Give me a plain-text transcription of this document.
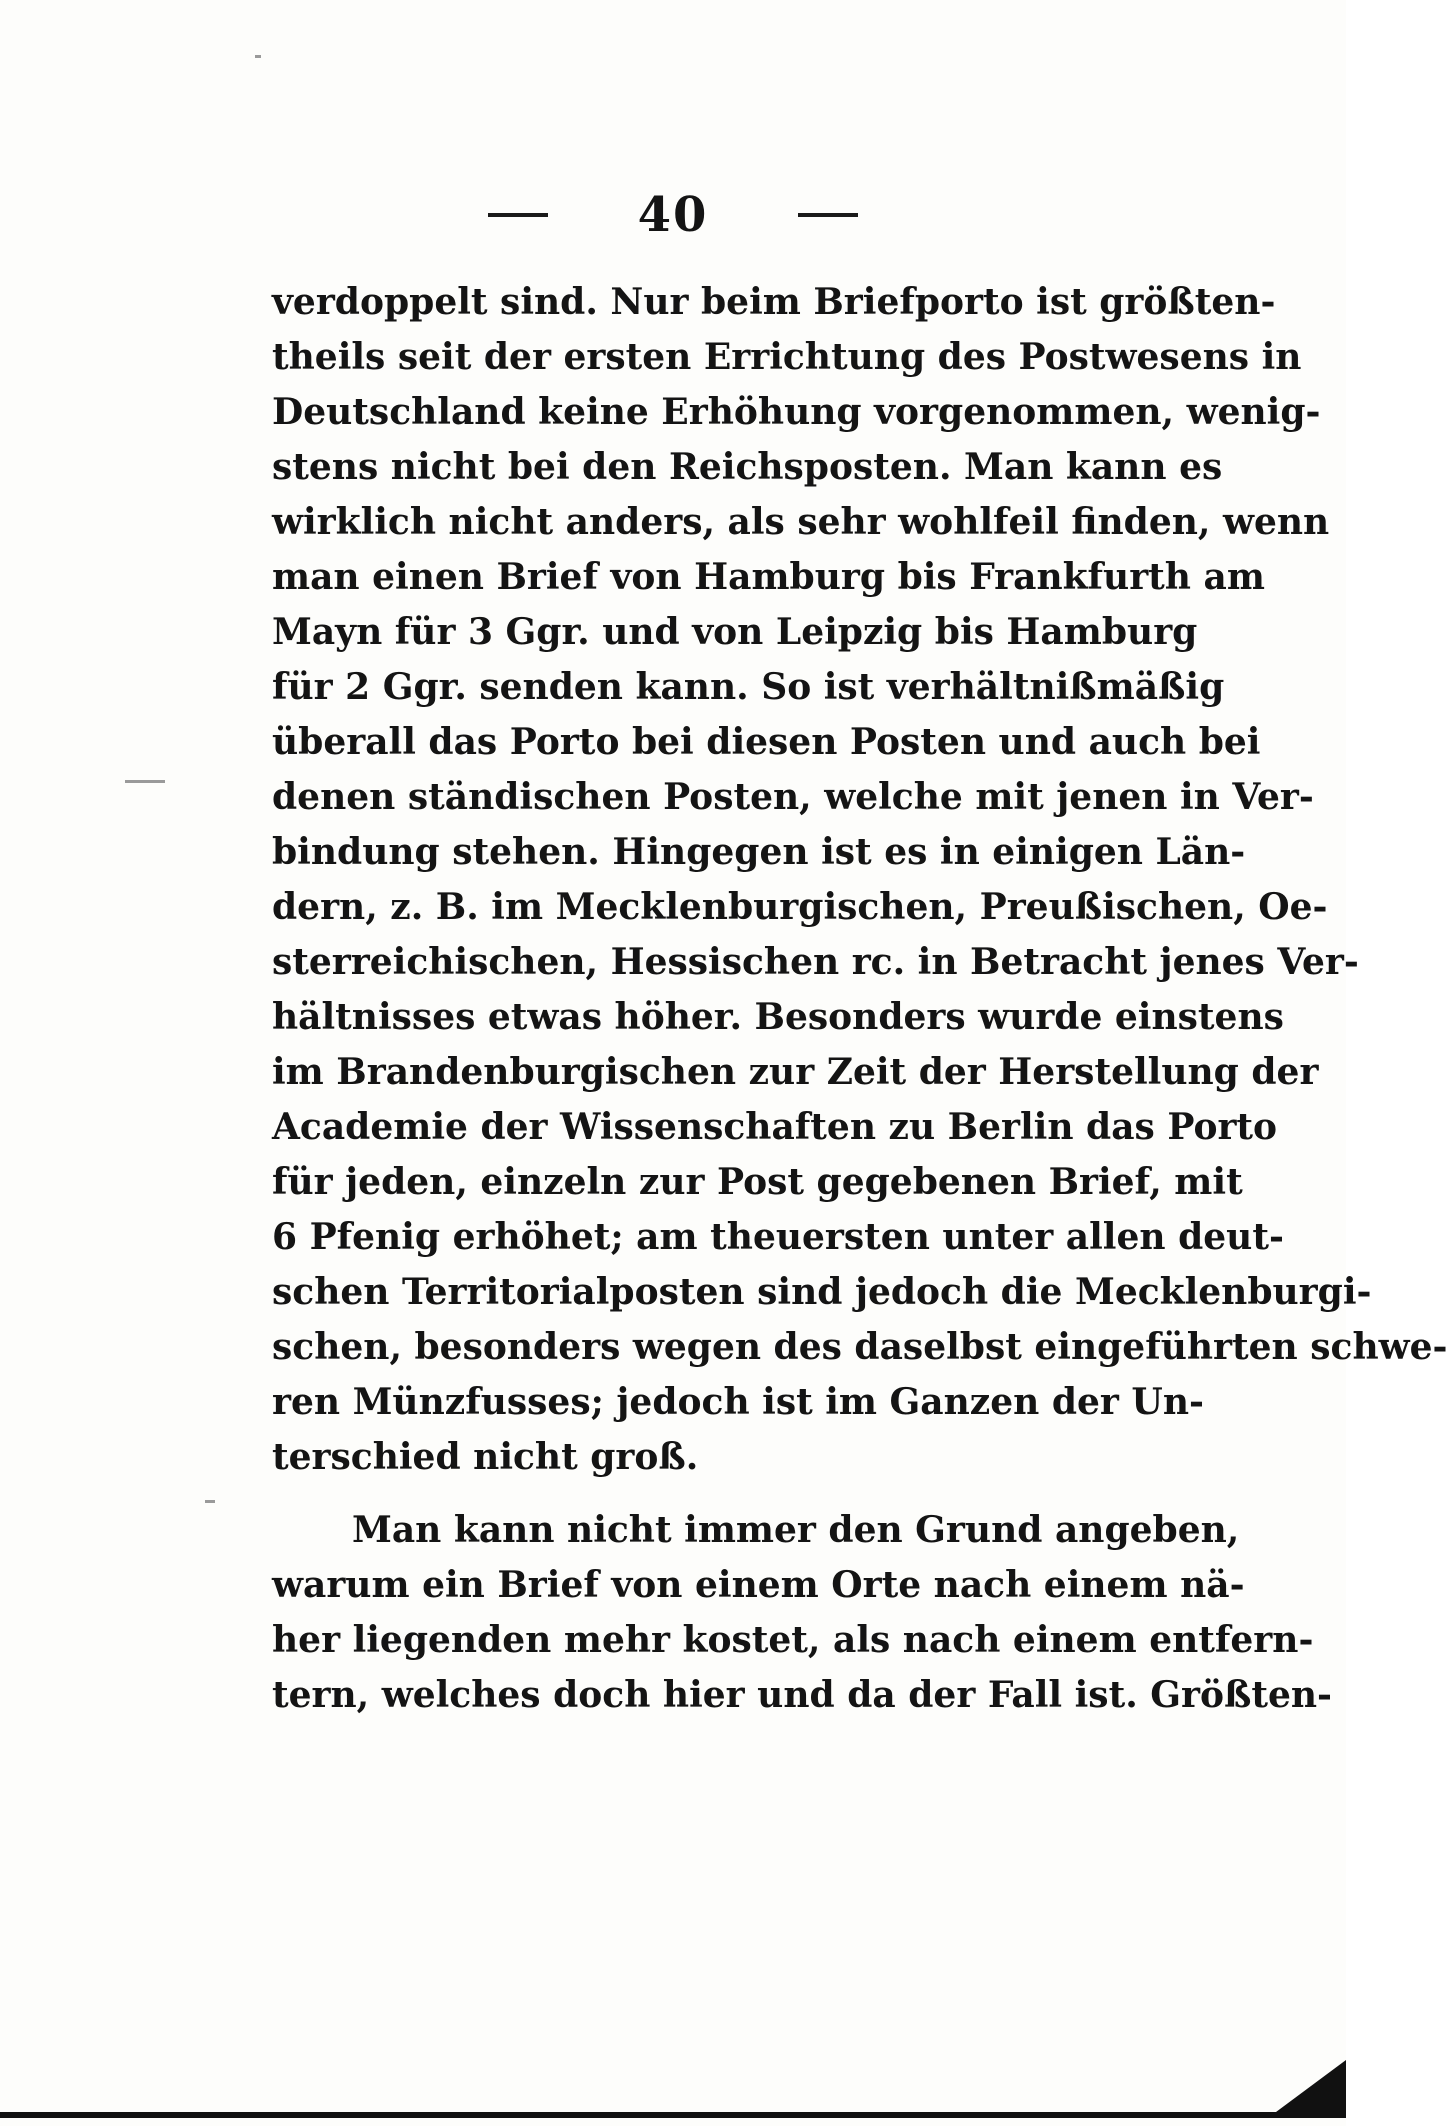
40
verdoppelt sind. Nur beim Briefporto ist größten-
theils seit der ersten Errichtung des Postwesens in
Deutschland keine Erhöhung vorgenommen, wenig-
stens nicht bei den Reichsposten. Man kann es
wirklich nicht anders, als sehr wohlfeil finden, wenn
man einen Brief von Hamburg bis Frankfurth am
Mayn für 3 Ggr. und von Leipzig bis Hamburg
für 2 Ggr. senden kann. So ist verhältnißmäßig
überall das Porto bei diesen Posten und auch bei
denen ständischen Posten, welche mit jenen in Ver-
bindung stehen. Hingegen ist es in einigen Län-
dern, z. B. im Mecklenburgischen, Preußischen, Oe-
sterreichischen, Hessischen rc. in Betracht jenes Ver-
hältnisses etwas höher. Besonders wurde einstens
im Brandenburgischen zur Zeit der Herstellung der
Academie der Wissenschaften zu Berlin das Porto
für jeden, einzeln zur Post gegebenen Brief, mit
6 Pfenig erhöhet; am theuersten unter allen deut-
schen Territorialposten sind jedoch die Mecklenburgi-
schen, besonders wegen des daselbst eingeführten schwe-
ren Münzfusses; jedoch ist im Ganzen der Un-
terschied nicht groß.
Man kann nicht immer den Grund angeben,
warum ein Brief von einem Orte nach einem nä-
her liegenden mehr kostet, als nach einem entfern-
tern, welches doch hier und da der Fall ist. Größten-
